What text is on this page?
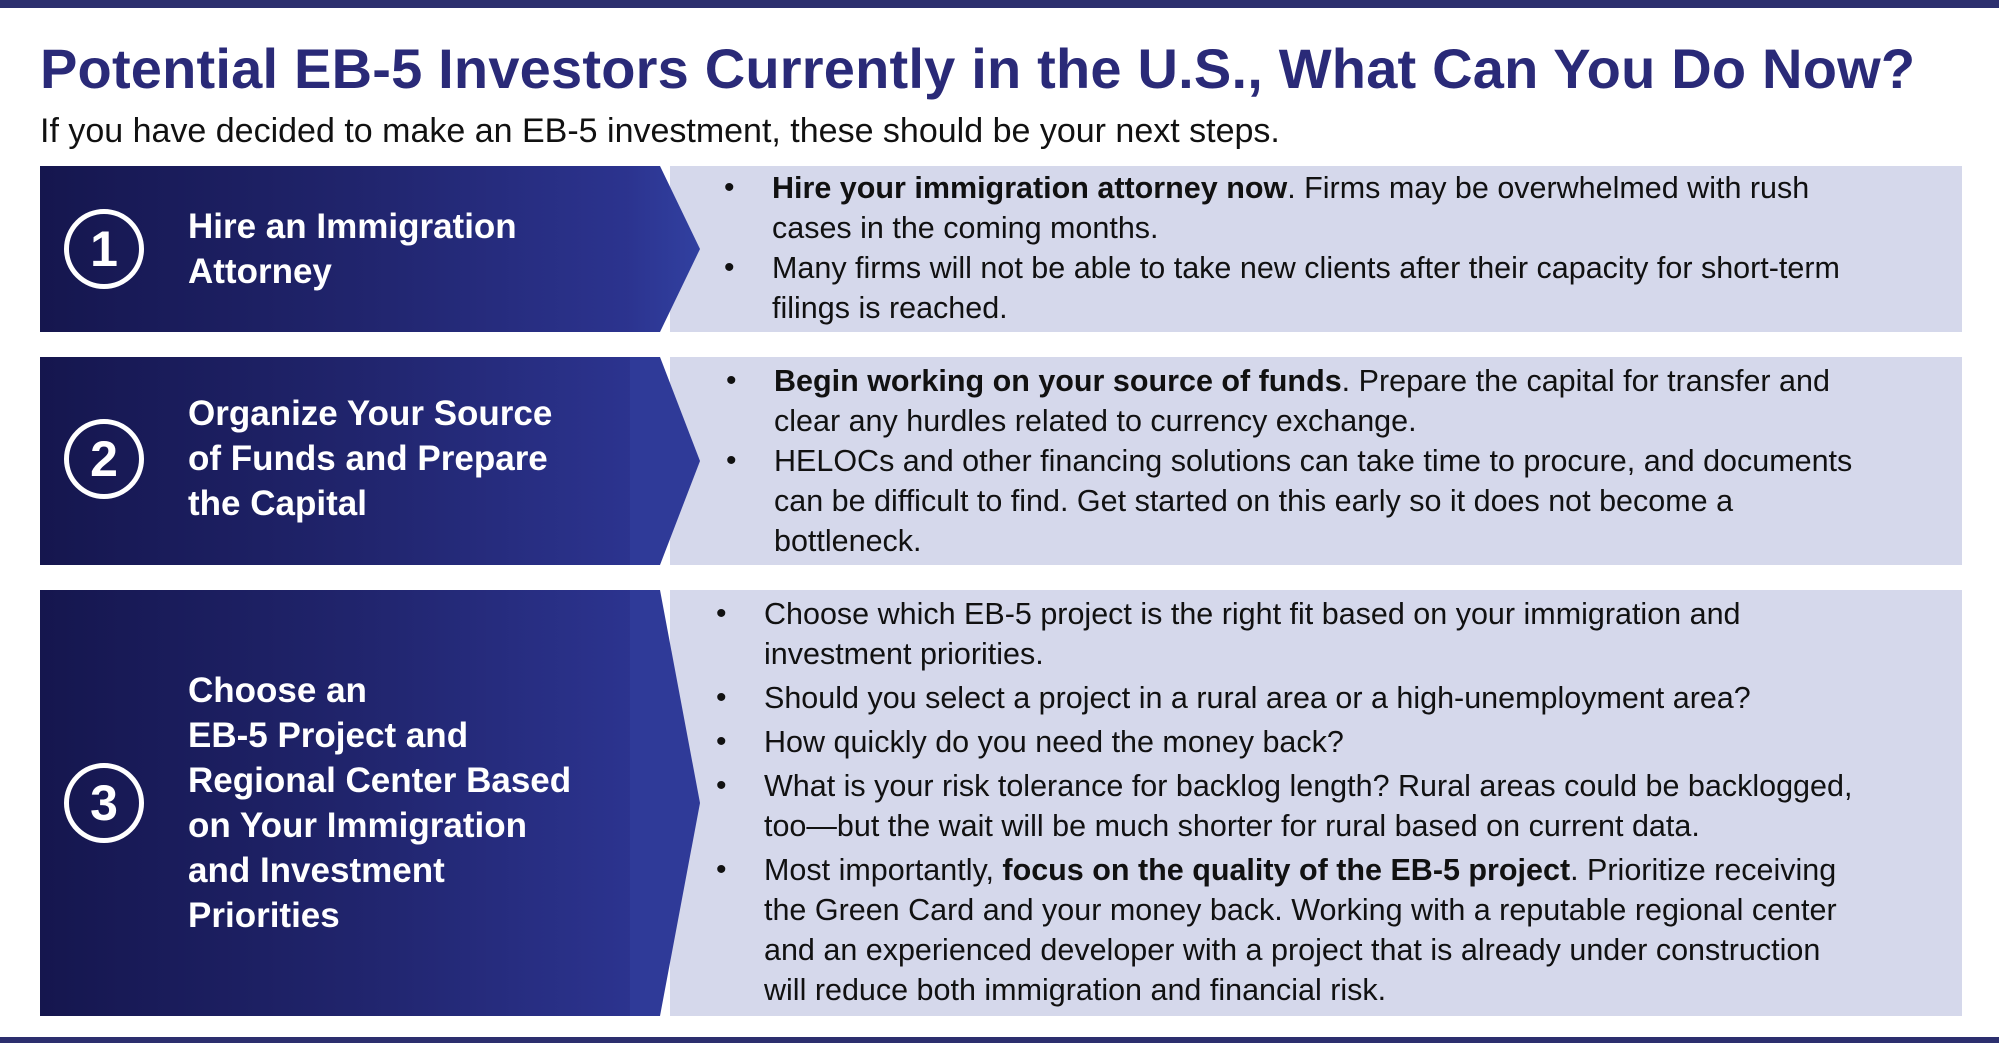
Potential EB-5 Investors Currently in the U.S., What Can You Do Now?

If you have decided to make an EB-5 investment, these should be your next steps.

• Hire your immigration attorney now. Firms may be overwhelmed with rush
cases in the coming months.
• Many firms will not be able to take new clients after their capacity for short-term
filings is reached.
1 Hire an Immigration
Attorney
• Begin working on your source of funds. Prepare the capital for transfer and
clear any hurdles related to currency exchange.
• HELOCs and other financing solutions can take time to procure, and documents
can be difficult to find. Get started on this early so it does not become a
bottleneck.
2
Organize Your Source
of Funds and Prepare
the Capital
• Choose which EB-5 project is the right fit based on your immigration and
investment priorities.
• Should you select a project in a rural area or a high-unemployment area?
• How quickly do you need the money back?
• What is your risk tolerance for backlog length? Rural areas could be backlogged,
too—but the wait will be much shorter for rural based on current data.
• Most importantly, focus on the quality of the EB-5 project. Prioritize receiving
the Green Card and your money back. Working with a reputable regional center
and an experienced developer with a project that is already under construction
will reduce both immigration and financial risk.
3
Choose an
EB-5 Project and
Regional Center Based
on Your Immigration
and Investment
Priorities
